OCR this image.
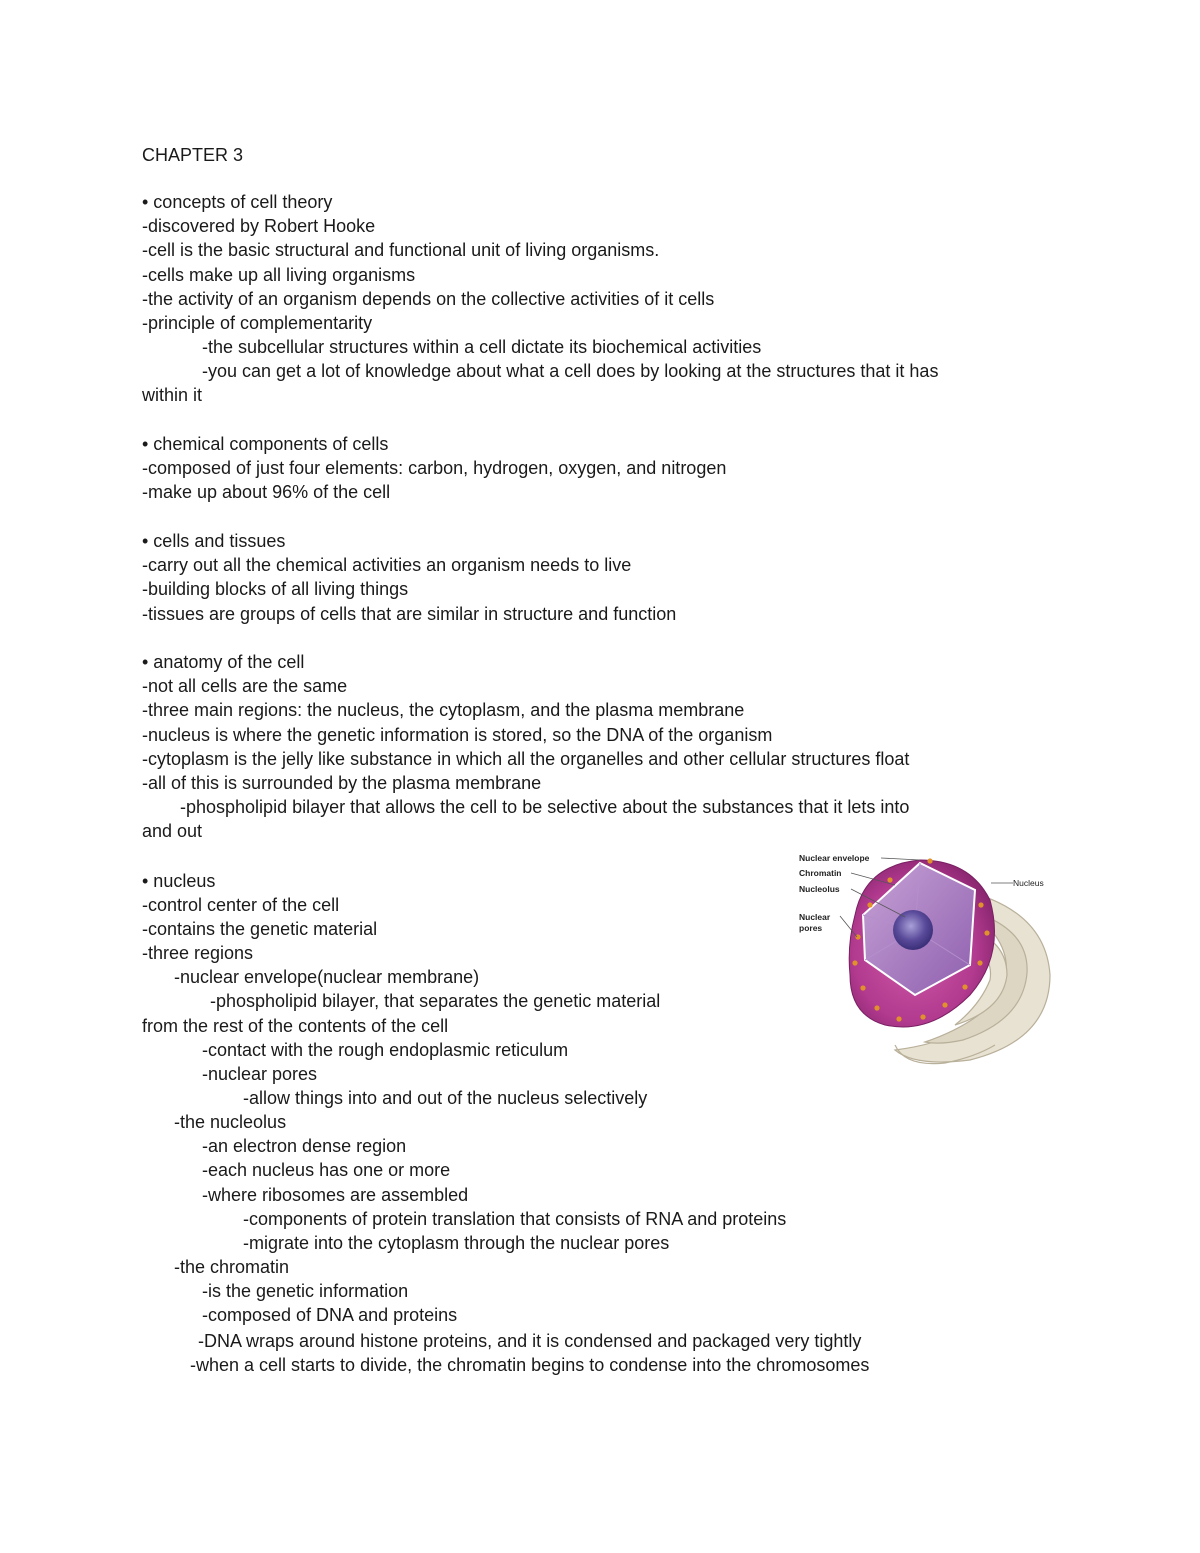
CHAPTER 3
• concepts of cell theory
-discovered by Robert Hooke
-cell is the basic structural and functional unit of living organisms.
-cells make up all living organisms
-the activity of an organism depends on the collective activities of it cells
-principle of complementarity
-the subcellular structures within a cell dictate its biochemical activities
-you can get a lot of knowledge about what a cell does by looking at the structures that it has
within it
• chemical components of cells
-composed of just four elements: carbon, hydrogen, oxygen, and nitrogen
-make up about 96% of the cell
• cells and tissues
-carry out all the chemical activities an organism needs to live
-building blocks of all living things
-tissues are groups of cells that are similar in structure and function
• anatomy of the cell
-not all cells are the same
-three main regions: the nucleus, the cytoplasm, and the plasma membrane
-nucleus is where the genetic information is stored, so the DNA of the organism
-cytoplasm is the jelly like substance in which all the organelles and other cellular structures float
-all of this is surrounded by the plasma membrane
-phospholipid bilayer that allows the cell to be selective about the substances that it lets into
and out
• nucleus
-control center of the cell
-contains the genetic material
-three regions
-nuclear envelope(nuclear membrane)
-phospholipid bilayer, that separates the genetic material
from the rest of the contents of the cell
-contact with the rough endoplasmic reticulum
-nuclear pores
-allow things into and out of the nucleus selectively
-the nucleolus
-an electron dense region
-each nucleus has one or more
-where ribosomes are assembled
-components of protein translation that consists of RNA and proteins
-migrate into the cytoplasm through the nuclear pores
-the chromatin
-is the genetic information
-composed of DNA and proteins
-DNA wraps around histone proteins, and it is condensed and packaged very tightly
-when a cell starts to divide, the chromatin begins to condense into the chromosomes
Nuclear envelope
Chromatin
Nucleolus
Nuclear
pores
Nucleus
